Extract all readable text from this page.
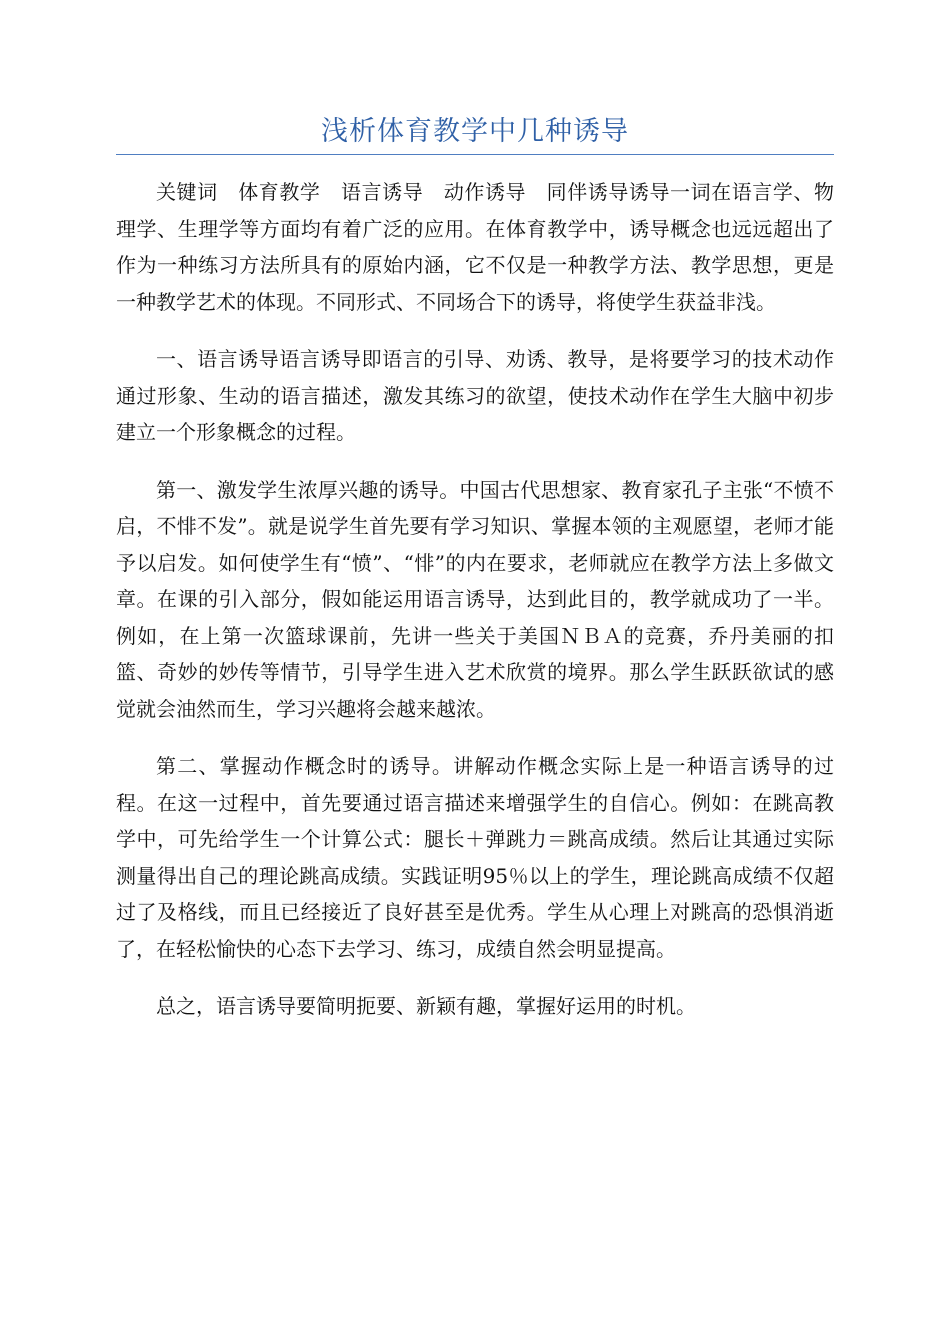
浅析体育教学中几种诱导

关键词　体育教学　语言诱导　动作诱导　同伴诱导诱导一词在语言学、物理学、生理学等方面均有着广泛的应用。在体育教学中，诱导概念也远远超出了作为一种练习方法所具有的原始内涵，它不仅是一种教学方法、教学思想，更是一种教学艺术的体现。不同形式、不同场合下的诱导，将使学生获益非浅。

一、语言诱导语言诱导即语言的引导、劝诱、教导，是将要学习的技术动作通过形象、生动的语言描述，激发其练习的欲望，使技术动作在学生大脑中初步建立一个形象概念的过程。

第一、激发学生浓厚兴趣的诱导。中国古代思想家、教育家孔子主张“不愤不启，不悱不发”。就是说学生首先要有学习知识、掌握本领的主观愿望，老师才能予以启发。如何使学生有“愤”、“悱”的内在要求，老师就应在教学方法上多做文章。在课的引入部分，假如能运用语言诱导，达到此目的，教学就成功了一半。例如，在上第一次篮球课前，先讲一些关于美国ＮＢＡ的竞赛，乔丹美丽的扣篮、奇妙的妙传等情节，引导学生进入艺术欣赏的境界。那么学生跃跃欲试的感觉就会油然而生，学习兴趣将会越来越浓。

第二、掌握动作概念时的诱导。讲解动作概念实际上是一种语言诱导的过程。在这一过程中，首先要通过语言描述来增强学生的自信心。例如：在跳高教学中，可先给学生一个计算公式：腿长＋弹跳力＝跳高成绩。然后让其通过实际测量得出自己的理论跳高成绩。实践证明95％以上的学生，理论跳高成绩不仅超过了及格线，而且已经接近了良好甚至是优秀。学生从心理上对跳高的恐惧消逝了，在轻松愉快的心态下去学习、练习，成绩自然会明显提高。

总之，语言诱导要简明扼要、新颖有趣，掌握好运用的时机。
